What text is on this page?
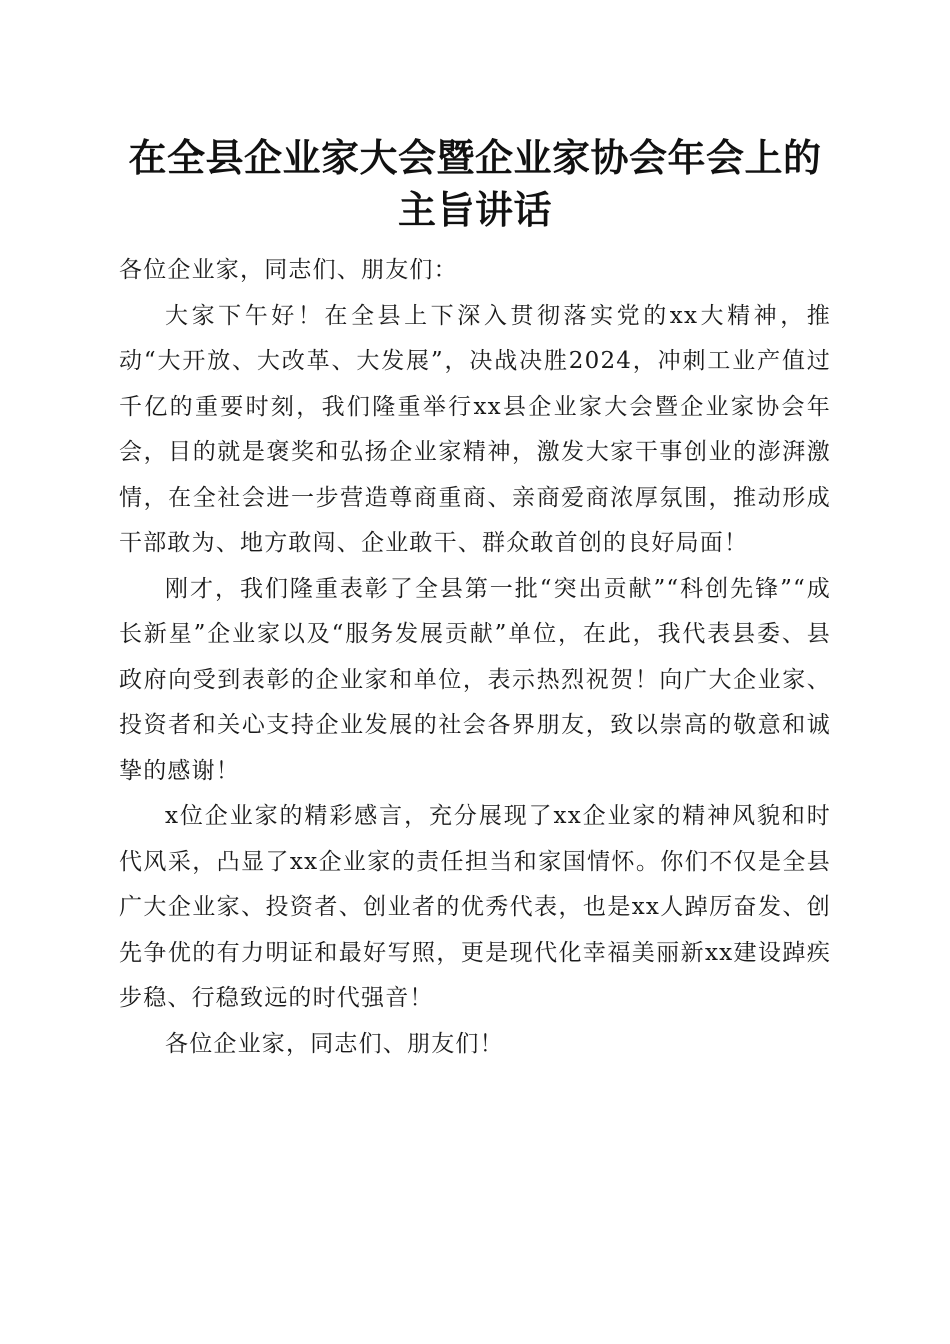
在全县企业家大会暨企业家协会年会上的主旨讲话

各位企业家，同志们、朋友们：

大家下午好！在全县上下深入贯彻落实党的xx大精神，推动“大开放、大改革、大发展”，决战决胜2024，冲刺工业产值过千亿的重要时刻，我们隆重举行xx县企业家大会暨企业家协会年会，目的就是褒奖和弘扬企业家精神，激发大家干事创业的澎湃激情，在全社会进一步营造尊商重商、亲商爱商浓厚氛围，推动形成干部敢为、地方敢闯、企业敢干、群众敢首创的良好局面！

刚才，我们隆重表彰了全县第一批“突出贡献”“科创先锋”“成长新星”企业家以及“服务发展贡献”单位，在此，我代表县委、县政府向受到表彰的企业家和单位，表示热烈祝贺！向广大企业家、投资者和关心支持企业发展的社会各界朋友，致以崇高的敬意和诚挚的感谢！

x位企业家的精彩感言，充分展现了xx企业家的精神风貌和时代风采，凸显了xx企业家的责任担当和家国情怀。你们不仅是全县广大企业家、投资者、创业者的优秀代表，也是xx人踔厉奋发、创先争优的有力明证和最好写照，更是现代化幸福美丽新xx建设踔疾步稳、行稳致远的时代强音！

各位企业家，同志们、朋友们！
